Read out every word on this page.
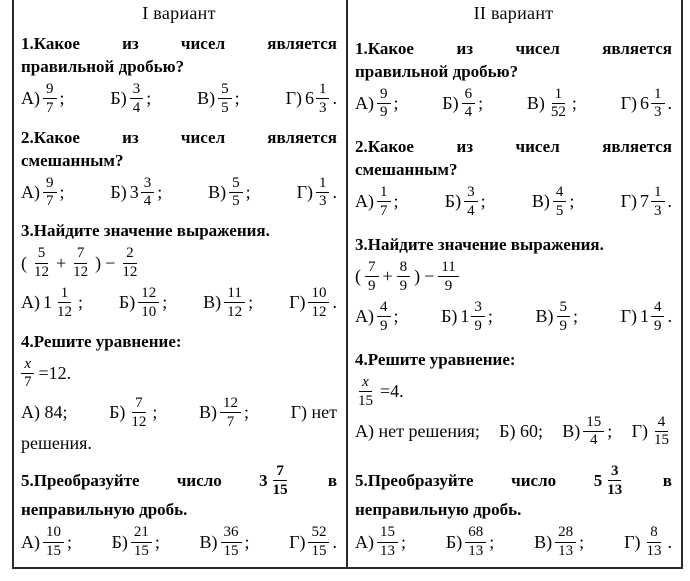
I вариант
1.Какое из чисел является
правильной дробью?
$А) \frac{9}{7}$ ;	$Б) \frac{3}{4}$ ;	$В) \frac{5}{5}$ ;	Г) $6 \frac{1}{3}$ .
2.Какое из чисел является
смешанным?
$А) \frac{9}{7}$ ;	Б) $3 \frac{3}{4}$ ;	$В) \frac{5}{5}$ ;	$Г) \frac{1}{3}$ .
3.Найдите значение выражения.
( $\frac{5}{12} + \frac{7}{12}$ ) − $\frac{2}{12}$
А) $1 \frac{1}{12}$ ; $Б) \frac{12}{10}$ ; $В) \frac{11}{12}$ ; $Г) \frac{10}{12}$ .
4.Решите уравнение:
$\frac{x}{7} =12$.
А) 84; $Б) \frac{7}{12}$ ; $В) \frac{12}{7}$ ; Г) нет
решения.
5.Преобразуйте число $3 \frac{7}{15}$ в
неправильную дробь.
$А) \frac{10}{15}$ ; $Б) \frac{21}{15}$ ; $В) \frac{36}{15}$ ; $Г) \frac{52}{15}$ .
II вариант
1.Какое из чисел является
правильной дробью?
$А) \frac{9}{9}$ ; $Б) \frac{6}{4}$ ; $В) \frac{1}{52}$ ; Г) $6 \frac{1}{3}$ .
2.Какое из чисел является
смешанным?
$А) \frac{1}{7}$ ;	$Б) \frac{3}{4}$ ;	$В) \frac{4}{5}$ ;	Г) $7 \frac{1}{3}$ .
3.Найдите значение выражения.
( $\frac{7}{9} + \frac{8}{9}$ ) − $\frac{11}{9}$
$А) \frac{4}{9}$ ; Б) $1 \frac{3}{9}$ ; $В) \frac{5}{9}$ ; Г) $1 \frac{4}{9}$ .
4.Решите уравнение:
$\frac{x}{15} =4$.
А) нет решения; Б) 60; $В) \frac{15}{4}$ ; $Г) \frac{4}{15}$
5.Преобразуйте число $5 \frac{3}{13}$ в
неправильную дробь.
$А) \frac{15}{13}$ ; $Б) \frac{68}{13}$ ; $В) \frac{28}{13}$ ; $Г) \frac{8}{13}$ .
